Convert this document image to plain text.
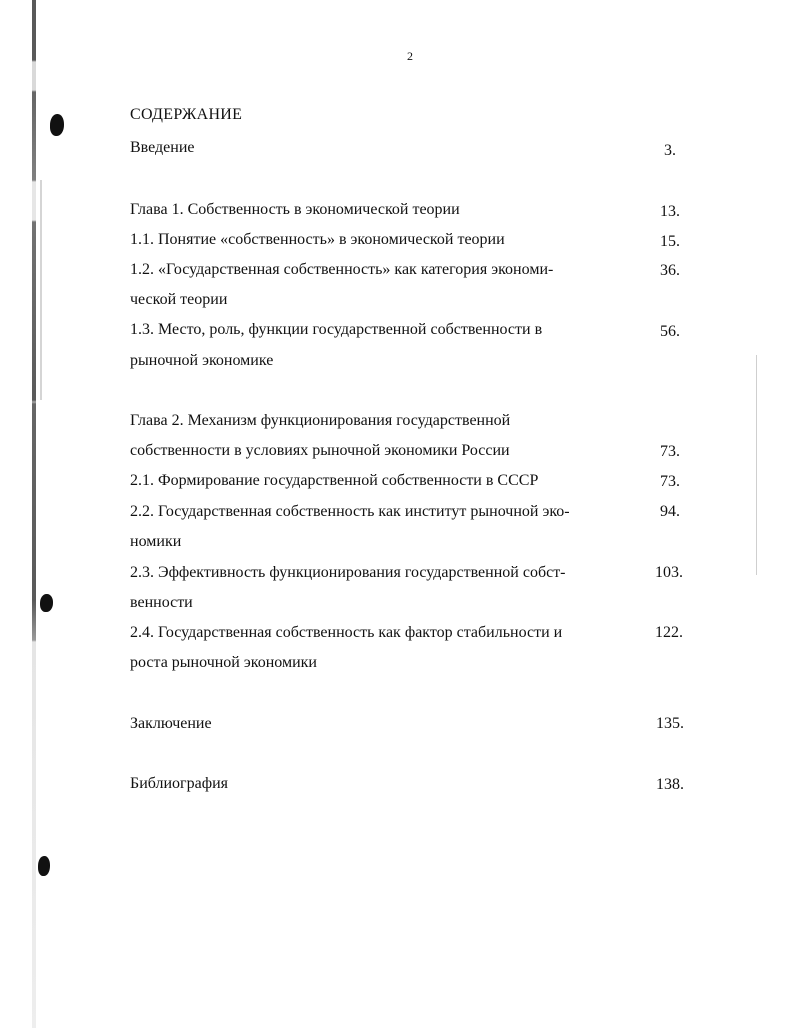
2
СОДЕРЖАНИЕ
Введение	3.
Глава 1. Собственность в экономической теории	13.
1.1. Понятие «собственность» в экономической теории	15.
1.2. «Государственная собственность» как категория экономи-	36.
ческой теории
1.3. Место, роль, функции государственной собственности в	56.
рыночной экономике
Глава 2. Механизм функционирования государственной
собственности в условиях рыночной экономики России	73.
2.1. Формирование государственной собственности в СССР	73.
2.2. Государственная собственность как институт рыночной эко-	94.
номики
2.3. Эффективность функционирования государственной собст-	103.
венности
2.4. Государственная собственность как фактор стабильности и	122.
роста рыночной экономики
Заключение	135.
Библиография	138.
